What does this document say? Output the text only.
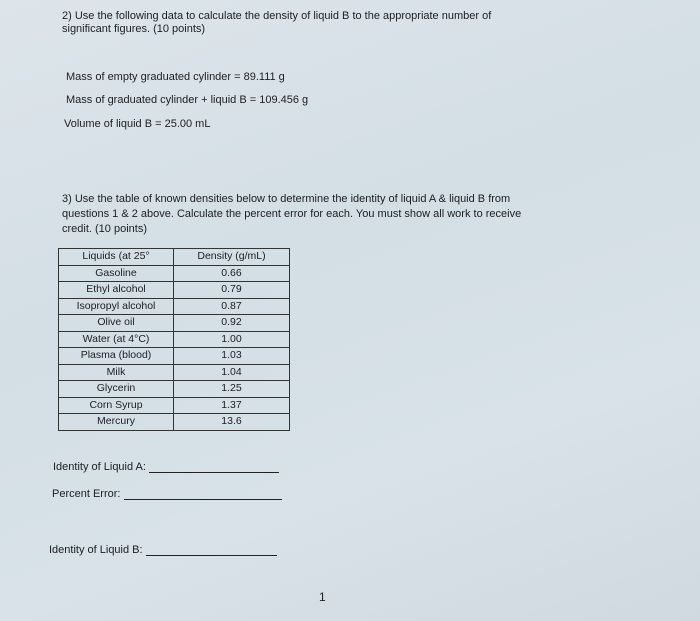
2) Use the following data to calculate the density of liquid B to the appropriate number of
significant figures. (10 points)
Mass of empty graduated cylinder = 89.111 g
Mass of graduated cylinder + liquid B = 109.456 g
Volume of liquid B = 25.00 mL
3) Use the table of known densities below to determine the identity of liquid A & liquid B from
questions 1 & 2 above. Calculate the percent error for each. You must show all work to receive
credit. (10 points)
Liquids (at 25°	Density (g/mL)
Gasoline	0.66
Ethyl alcohol	0.79
Isopropyl alcohol	0.87
Olive oil	0.92
Water (at 4°C)	1.00
Plasma (blood)	1.03
Milk	1.04
Glycerin	1.25
Corn Syrup	1.37
Mercury	13.6
Identity of Liquid A:
Percent Error:
Identity of Liquid B:
1
